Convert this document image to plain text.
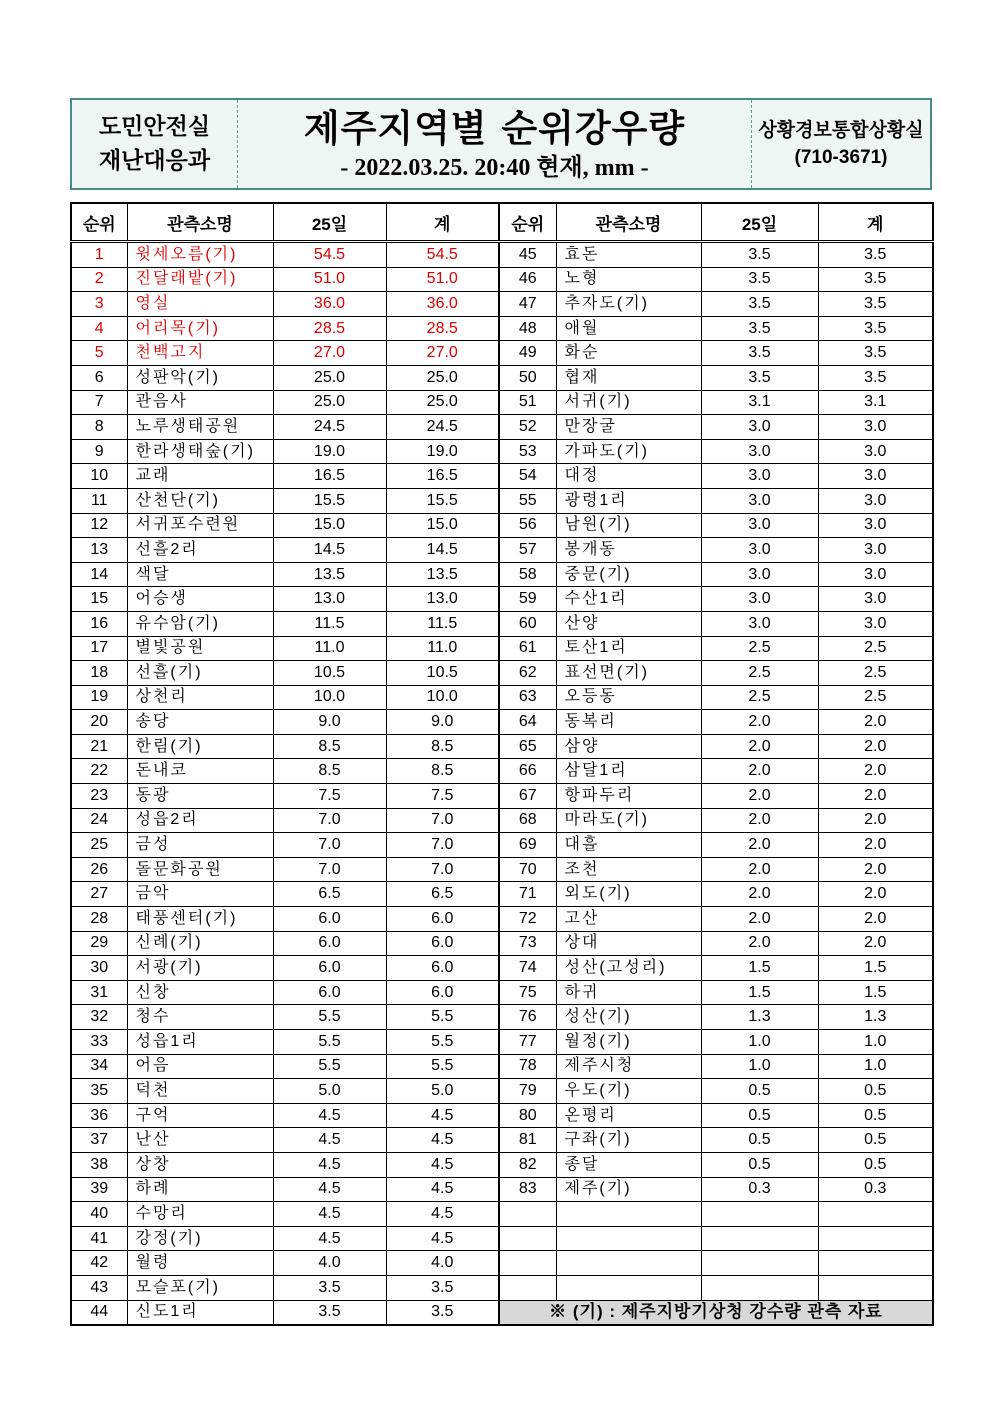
도민안전실
재난대응과
제주지역별 순위강우량
- 2022.03.25. 20:40 현재, mm -
상황경보통합상황실
(710-3671)
순위	관측소명	25일	계
1	윗세오름(기)	54.5	54.5
2	진달래밭(기)	51.0	51.0
3	영실	36.0	36.0
4	어리목(기)	28.5	28.5
5	천백고지	27.0	27.0
6	성판악(기)	25.0	25.0
7	관음사	25.0	25.0
8	노루생태공원	24.5	24.5
9	한라생태숲(기)	19.0	19.0
10	교래	16.5	16.5
11	산천단(기)	15.5	15.5
12	서귀포수련원	15.0	15.0
13	선흘2리	14.5	14.5
14	색달	13.5	13.5
15	어승생	13.0	13.0
16	유수암(기)	11.5	11.5
17	별빛공원	11.0	11.0
18	선흘(기)	10.5	10.5
19	상천리	10.0	10.0
20	송당	9.0	9.0
21	한림(기)	8.5	8.5
22	돈내코	8.5	8.5
23	동광	7.5	7.5
24	성읍2리	7.0	7.0
25	금성	7.0	7.0
26	돌문화공원	7.0	7.0
27	금악	6.5	6.5
28	태풍센터(기)	6.0	6.0
29	신례(기)	6.0	6.0
30	서광(기)	6.0	6.0
31	신창	6.0	6.0
32	청수	5.5	5.5
33	성읍1리	5.5	5.5
34	어음	5.5	5.5
35	덕천	5.0	5.0
36	구억	4.5	4.5
37	난산	4.5	4.5
38	상창	4.5	4.5
39	하례	4.5	4.5
40	수망리	4.5	4.5
41	강정(기)	4.5	4.5
42	월령	4.0	4.0
43	모슬포(기)	3.5	3.5
44	신도1리	3.5	3.5
순위	관측소명	25일	계
45	효돈	3.5	3.5
46	노형	3.5	3.5
47	추자도(기)	3.5	3.5
48	애월	3.5	3.5
49	화순	3.5	3.5
50	협재	3.5	3.5
51	서귀(기)	3.1	3.1
52	만장굴	3.0	3.0
53	가파도(기)	3.0	3.0
54	대정	3.0	3.0
55	광령1리	3.0	3.0
56	남원(기)	3.0	3.0
57	봉개동	3.0	3.0
58	중문(기)	3.0	3.0
59	수산1리	3.0	3.0
60	산양	3.0	3.0
61	토산1리	2.5	2.5
62	표선면(기)	2.5	2.5
63	오등동	2.5	2.5
64	동복리	2.0	2.0
65	삼양	2.0	2.0
66	삼달1리	2.0	2.0
67	항파두리	2.0	2.0
68	마라도(기)	2.0	2.0
69	대흘	2.0	2.0
70	조천	2.0	2.0
71	외도(기)	2.0	2.0
72	고산	2.0	2.0
73	상대	2.0	2.0
74	성산(고성리)	1.5	1.5
75	하귀	1.5	1.5
76	성산(기)	1.3	1.3
77	월정(기)	1.0	1.0
78	제주시청	1.0	1.0
79	우도(기)	0.5	0.5
80	온평리	0.5	0.5
81	구좌(기)	0.5	0.5
82	종달	0.5	0.5
83	제주(기)	0.3	0.3

※ (기) : 제주지방기상청 강수량 관측 자료			
